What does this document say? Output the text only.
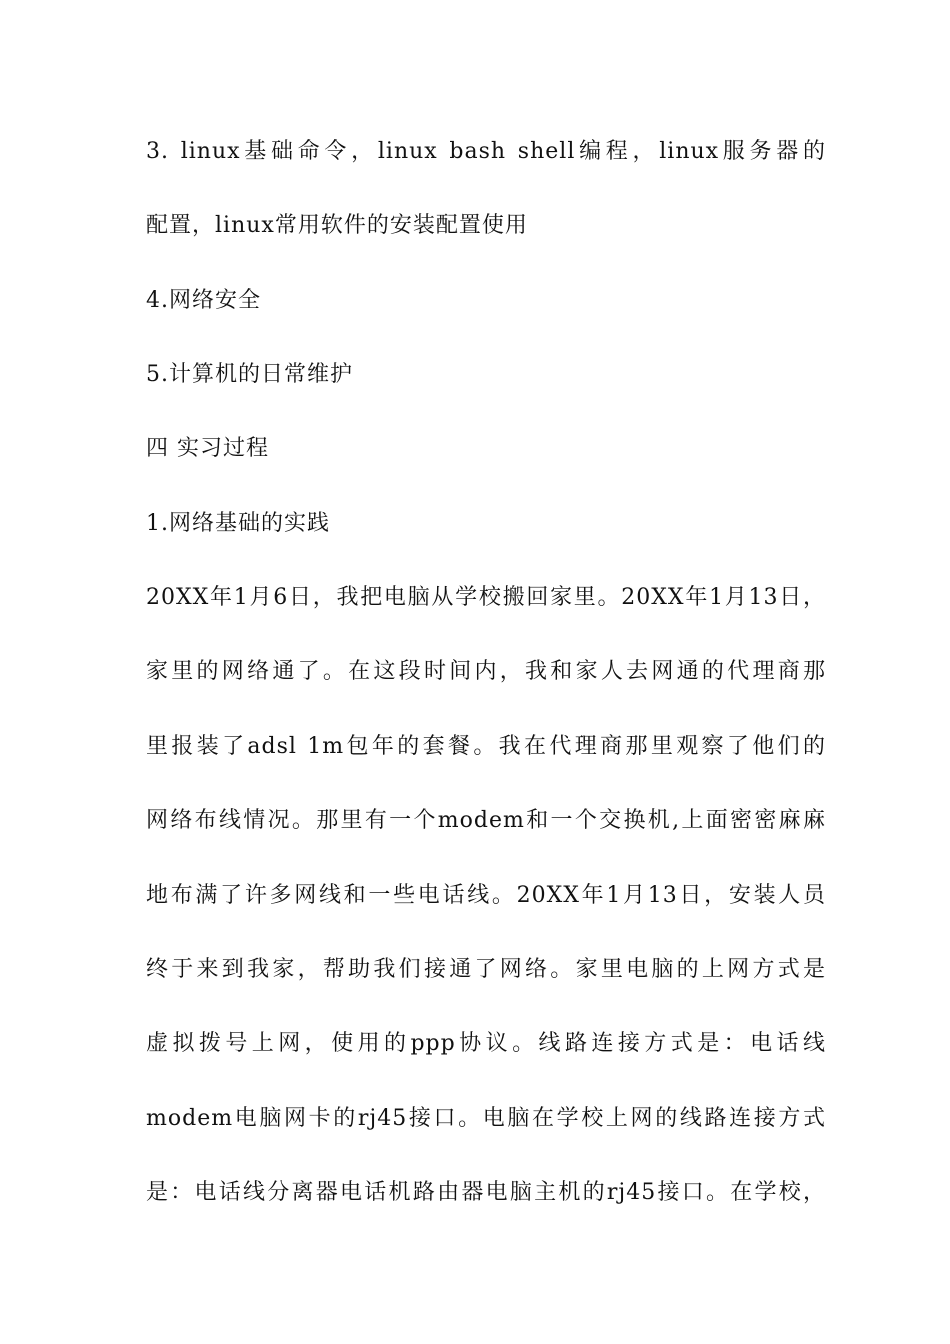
3. linux基础命令，linux bash shell编程，linux服务器的
配置，linux常用软件的安装配置使用
4.网络安全
5.计算机的日常维护
四 实习过程
1.网络基础的实践
20XX年1月6日，我把电脑从学校搬回家里。20XX年1月13日，
家里的网络通了。在这段时间内，我和家人去网通的代理商那
里报装了adsl 1m包年的套餐。我在代理商那里观察了他们的
网络布线情况。那里有一个modem和一个交换机,上面密密麻麻
地布满了许多网线和一些电话线。20XX年1月13日，安装人员
终于来到我家，帮助我们接通了网络。家里电脑的上网方式是
虚拟拨号上网，使用的ppp协议。线路连接方式是：电话线
modem电脑网卡的rj45接口。电脑在学校上网的线路连接方式
是：电话线分离器电话机路由器电脑主机的rj45接口。在学校，
